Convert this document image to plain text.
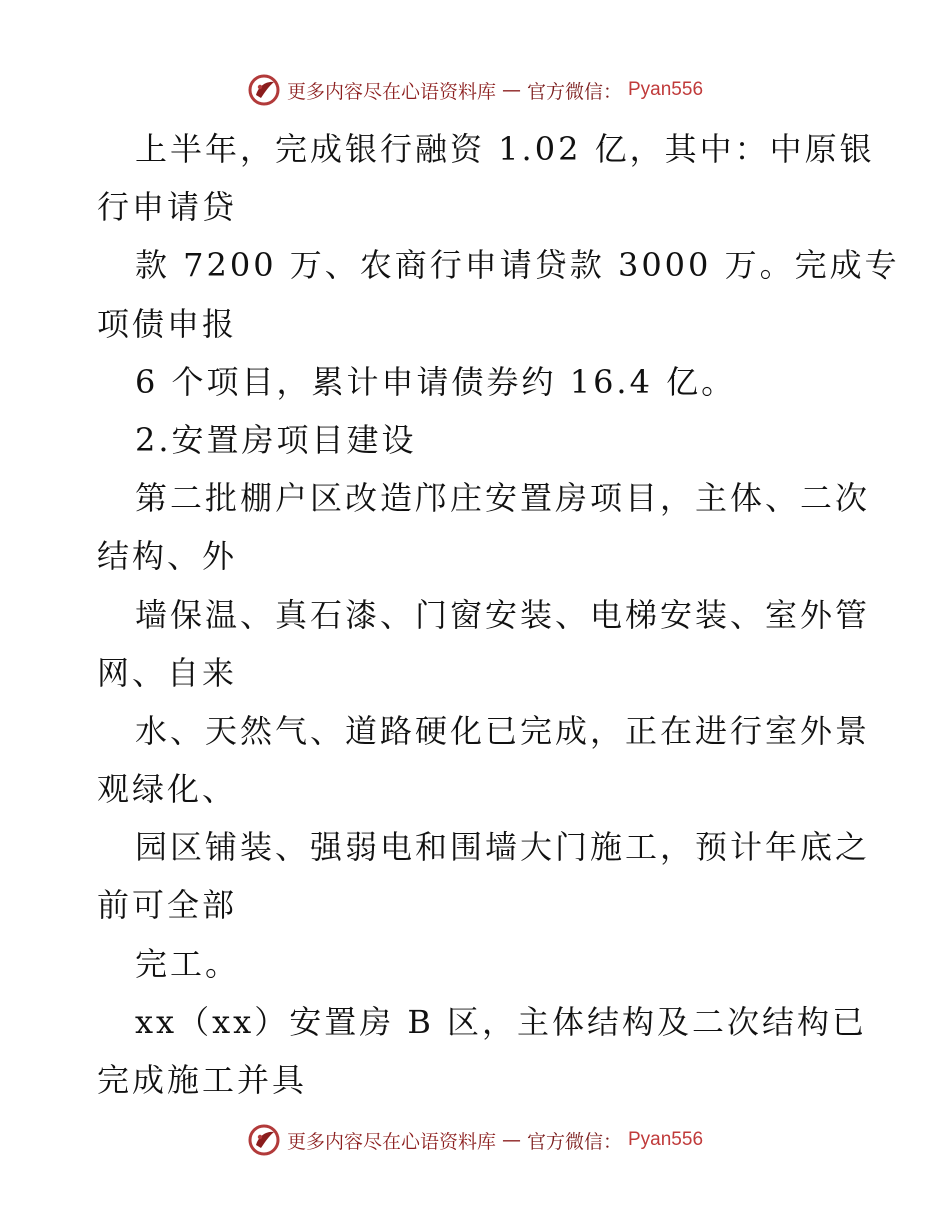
更多内容尽在心语资料库 — 官方微信： Pyan556
上半年，完成银行融资 1.02 亿，其中：中原银
行申请贷
款 7200 万、农商行申请贷款 3000 万。完成专
项债申报
6 个项目，累计申请债券约 16.4 亿。
2.安置房项目建设
第二批棚户区改造邝庄安置房项目，主体、二次
结构、外
墙保温、真石漆、门窗安装、电梯安装、室外管
网、自来
水、天然气、道路硬化已完成，正在进行室外景
观绿化、
园区铺装、强弱电和围墙大门施工，预计年底之
前可全部
完工。
xx（xx）安置房 B 区，主体结构及二次结构已
完成施工并具
更多内容尽在心语资料库 — 官方微信： Pyan556
